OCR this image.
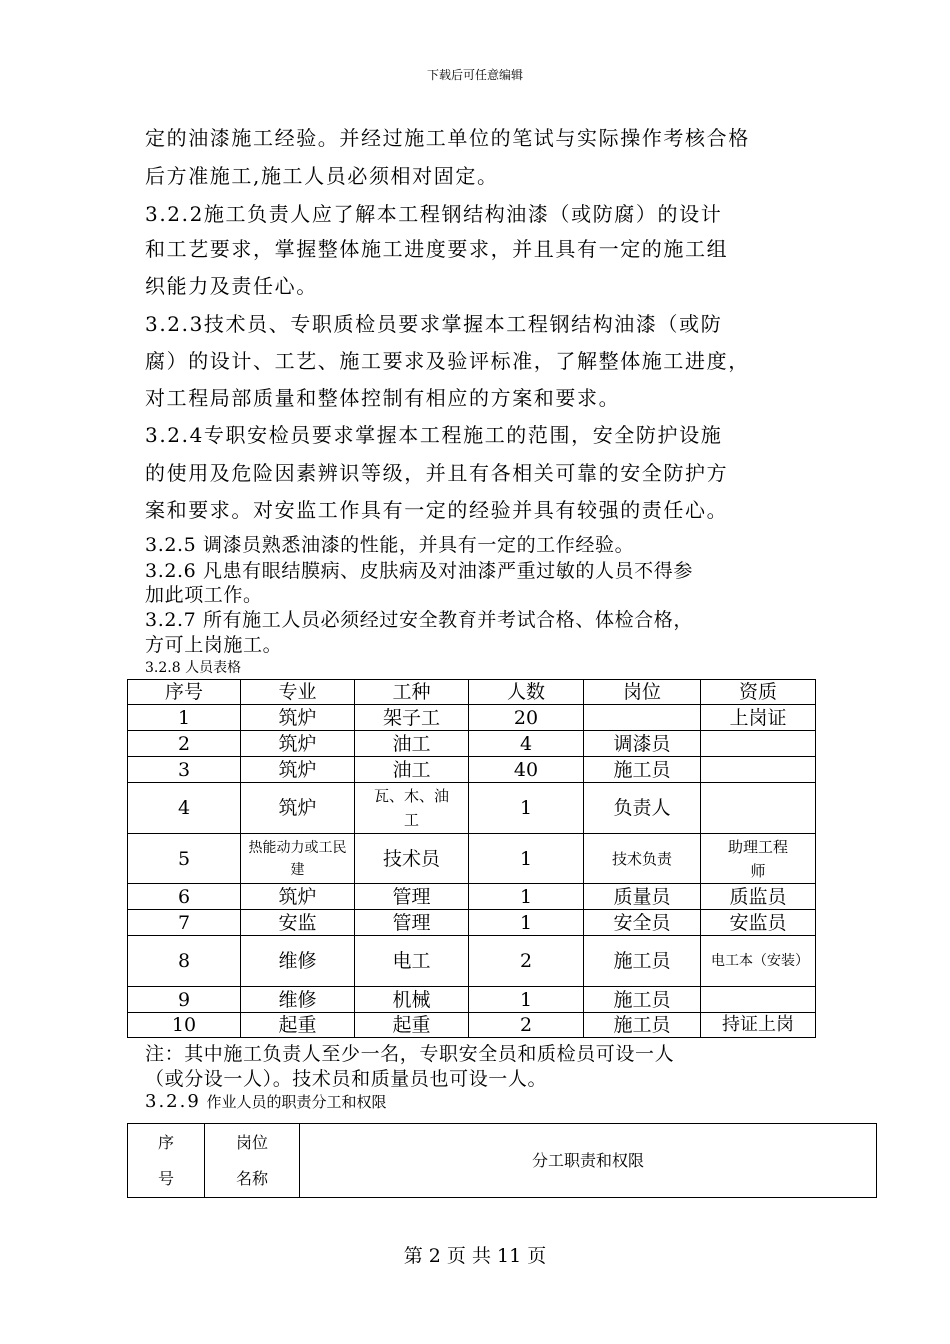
下载后可任意编辑
定的油漆施工经验。并经过施工单位的笔试与实际操作考核合格
后方准施工,施工人员必须相对固定。
3.2.2施工负责人应了解本工程钢结构油漆（或防腐）的设计
和工艺要求，掌握整体施工进度要求，并且具有一定的施工组
织能力及责任心。
3.2.3技术员、专职质检员要求掌握本工程钢结构油漆（或防
腐）的设计、工艺、施工要求及验评标准，了解整体施工进度，
对工程局部质量和整体控制有相应的方案和要求。
3.2.4专职安检员要求掌握本工程施工的范围，安全防护设施
的使用及危险因素辨识等级，并且有各相关可靠的安全防护方
案和要求。对安监工作具有一定的经验并具有较强的责任心。
3.2.5 调漆员熟悉油漆的性能，并具有一定的工作经验。
3.2.6 凡患有眼结膜病、皮肤病及对油漆严重过敏的人员不得参
加此项工作。
3.2.7 所有施工人员必须经过安全教育并考试合格、体检合格，
方可上岗施工。
3.2.8 人员表格
序号	专业	工种	人数	岗位	资质
1	筑炉	架子工	20		上岗证
2	筑炉	油工	4	调漆员	
3	筑炉	油工	40	施工员	
4	筑炉	瓦、木、油工	1	负责人	
5	热能动力或工民建	技术员	1	技术负责	助理工程师
6	筑炉	管理	1	质量员	质监员
7	安监	管理	1	安全员	安监员
8	维修	电工	2	施工员	电工本（安装）
9	维修	机械	1	施工员	
10	起重	起重	2	施工员	持证上岗
注：其中施工负责人至少一名，专职安全员和质检员可设一人
（或分设一人）。技术员和质量员也可设一人。
3.2.9 作业人员的职责分工和权限
序号	岗位名称	分工职责和权限
第 2 页 共 11 页
